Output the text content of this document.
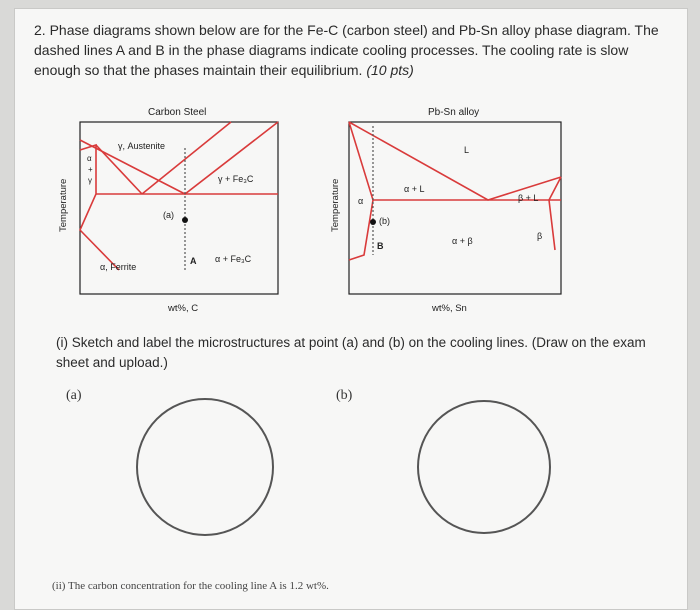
2. Phase diagrams shown below are for the Fe-C (carbon steel) and Pb-Sn alloy phase diagram. The dashed lines A and B in the phase diagrams indicate cooling processes. The cooling rate is slow enough so that the phases maintain their equilibrium. (10 pts)
Carbon Steel
Temperature
γ, Austenite
α
+
γ	γ + Fe₃C
(a)
A α + Fe₃C
α, Ferrite
wt%, C
Pb-Sn alloy
Temperature
L
α
α + L
β + L
(b)
B	α + β	β
wt%, Sn
(i) Sketch and label the microstructures at point (a) and (b) on the cooling lines. (Draw on the exam sheet and upload.)
(a)	(b)
(ii) The carbon concentration for the cooling line A is 1.2 wt%.
